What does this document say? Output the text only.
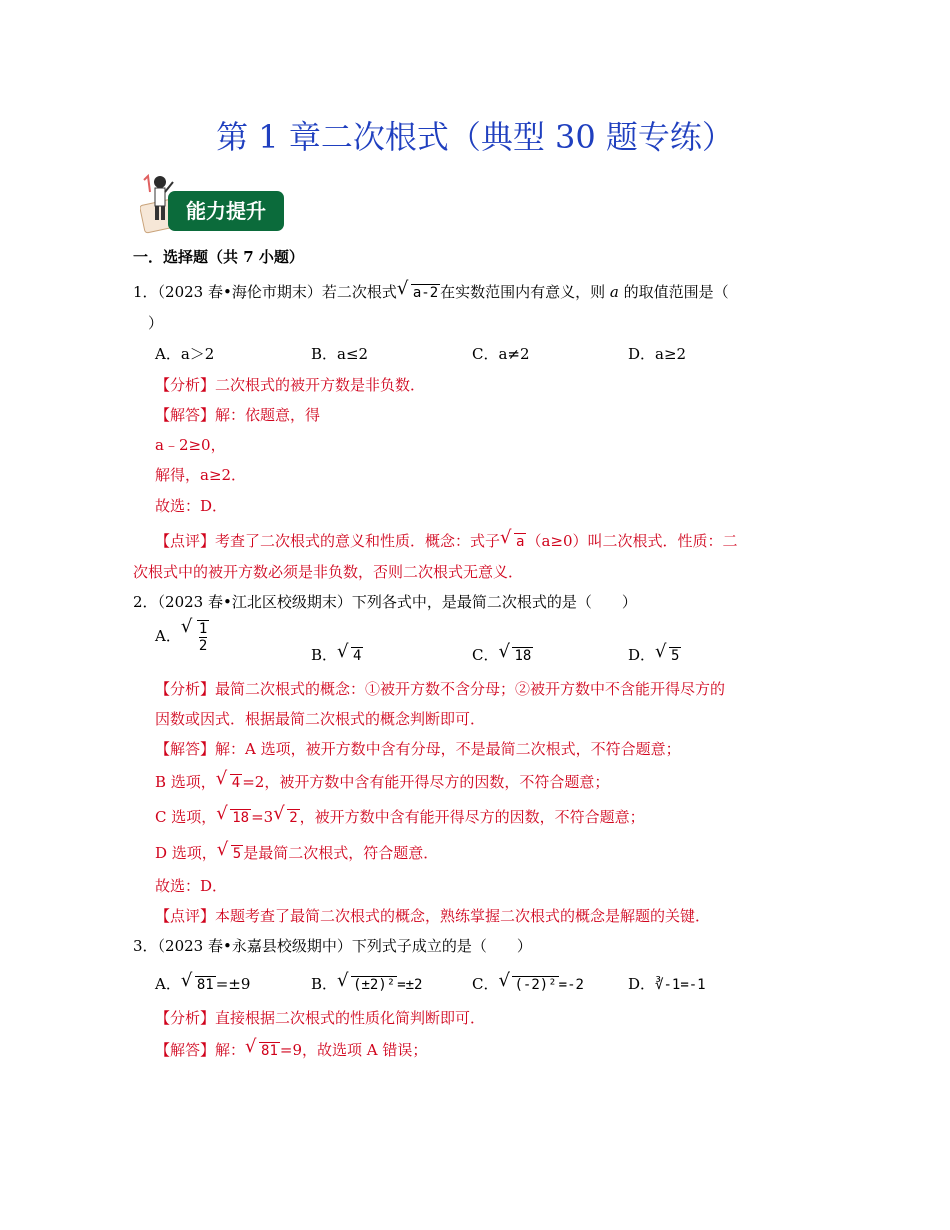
第 1 章二次根式（典型 30 题专练）
能力提升
一．选择题（共 7 小题）
1．（2023 春•海伦市期末）若二次根式 √ a-2 在实数范围内有意义，则 a 的取值范围是（
）
A．a＞2	B．a≤2	C．a≠2	D．a≥2
【分析】二次根式的被开方数是非负数．
【解答】解：依题意，得
a﹣2≥0，
解得，a≥2．
故选：D．
【点评】考查了二次根式的意义和性质．概念：式子 √ a （a≥0）叫二次根式．性质：二
次根式中的被开方数必须是非负数，否则二次根式无意义．
2．（2023 春•江北区校级期末）下列各式中，是最简二次根式的是（　　）
A． √ $\frac{1}{2}$
B． √ 4	C． √ 18	D． √ 5
【分析】最简二次根式的概念：①被开方数不含分母；②被开方数中不含能开得尽方的
因数或因式．根据最简二次根式的概念判断即可．
【解答】解：A 选项，被开方数中含有分母，不是最简二次根式，不符合题意；
B 选项， √ 4 =2，被开方数中含有能开得尽方的因数，不符合题意；
C 选项， √ 18 =3 √ 2 ，被开方数中含有能开得尽方的因数，不符合题意；
D 选项， √ 5 是最简二次根式，符合题意．
故选：D．
【点评】本题考查了最简二次根式的概念，熟练掌握二次根式的概念是解题的关键．
3．（2023 春•永嘉县校级期中）下列式子成立的是（　　）
A． √ 81 =±9	B． √ (±2)² =±2	C． √ (-2)² =-2	D．∛-1=-1
【分析】直接根据二次根式的性质化简判断即可．
【解答】解： √ 81 =9，故选项 A 错误；
